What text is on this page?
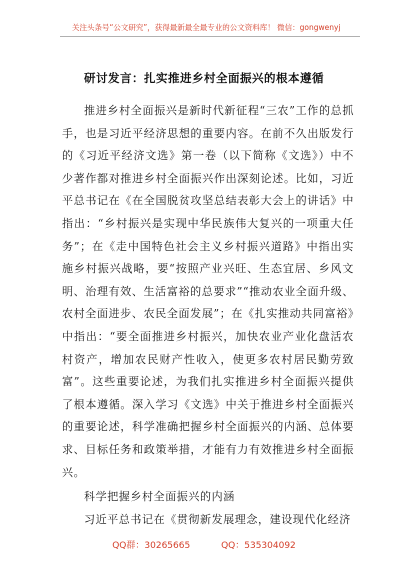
关注头条号“公文研究”，获得最新最全最专业的公文资料库！ 微信：gongwenyj
研讨发言：扎实推进乡村全面振兴的根本遵循

推进乡村全面振兴是新时代新征程“三农”工作的总抓手，也是习近平经济思想的重要内容。在前不久出版发行的《习近平经济文选》第一卷（以下简称《文选》）中不少著作都对推进乡村全面振兴作出深刻论述。比如，习近平总书记在《在全国脱贫攻坚总结表彰大会上的讲话》中指出：“乡村振兴是实现中华民族伟大复兴的一项重大任务”；在《走中国特色社会主义乡村振兴道路》中指出实施乡村振兴战略，要“按照产业兴旺、生态宜居、乡风文明、治理有效、生活富裕的总要求”“推动农业全面升级、农村全面进步、农民全面发展”；在《扎实推动共同富裕》中指出：“要全面推进乡村振兴，加快农业产业化盘活农村资产，增加农民财产性收入，使更多农村居民勤劳致富”。这些重要论述，为我们扎实推进乡村全面振兴提供了根本遵循。深入学习《文选》中关于推进乡村全面振兴的重要论述，科学准确把握乡村全面振兴的内涵、总体要求、目标任务和政策举措，才能有力有效推进乡村全面振兴。

科学把握乡村全面振兴的内涵

习近平总书记在《贯彻新发展理念，建设现代化经济

QQ群：30265665	QQ：535304092
